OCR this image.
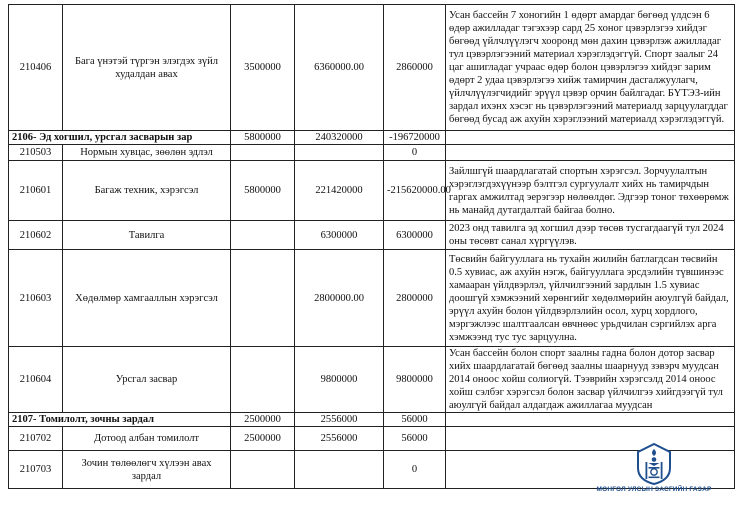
210406	Бага үнэтэй түргэн элэгдэх зүйл худалдан авах	3500000	6360000.00	2860000	Усан бассейн 7 хоногийн 1 өдөрт амардаг бөгөөд үлдсэн 6 өдөр ажилладаг тэгэхээр сард 25 хоног цэвэрлэгээ хийдэг бөгөөд үйлчлүүлэгч хооронд мөн дахин цэвэрлэж ажилладаг тул цэвэрлэгээний материал хэрэглэдэггүй. Спорт заалыг 24 цаг ашигладаг учраас өдөр болон цэвэрлэгээ хийдэг зарим өдөрт 2 удаа цэвэрлэгээ хийж тамирчин дасгалжуулагч, үйлчлүүлэгчидийг эрүүл цэвэр орчин байлгадаг. БҮТЭЗ-ийн зардал ихэнх хэсэг нь цэвэрлэгээний материалд зарцуулагддаг бөгөөд бусад аж ахуйн хэрэглээний материалд хэрэглэдэггүй.
2106- Эд хогшил, урсгал засварын зар		5800000	240320000	-196720000	
210503	Нормын хувцас, зөөлөн эдлэл			0	
210601	Багаж техник, хэрэгсэл	5800000	221420000	-215620000.00	Зайлшгүй шаардлагатай спортын хэрэгсэл. Зорчуулалтын хэрэглэгдэхүүнээр бэлтгэл сургуулалт хийх нь тамирчдын гаргах амжилтад эерэгээр нөлөөлдөг. Эдгээр тоног төхөөрөмж нь манайд дутагдалтай байгаа болно.
210602	Тавилга		6300000	6300000	2023 онд тавилга эд хогшил дээр төсөв тусгагдаагүй тул 2024 оны төсөвт санал хүргүүлэв.
210603	Хөдөлмөр хамгааллын хэрэгсэл		2800000.00	2800000	Төсвийн байгууллага нь тухайн жилийн батлагдсан төсвийн 0.5 хувиас, аж ахуйн нэгж, байгууллага эрсдэлийн түвшинээс хамааран үйлдвэрлэл, үйлчилгээний зардлын 1.5 хувиас доошгүй хэмжээний хөрөнгийг хөдөлмөрийн аюулгүй байдал, эрүүл ахуйн болон үйлдвэрлэлийн осол, хурц хордлого, мэргэжлээс шалтгаалсан өвчнөөс урьдчилан сэргийлэх арга хэмжээнд тус тус зарцуулна.
210604	Урсгал засвар		9800000	9800000	Усан бассейн болон спорт заалны гадна болон дотор засвар хийх шаардлагатай бөгөөд заалны шаарнууд зэвэрч муудсан 2014 оноос хойш солиогүй. Тээврийн хэрэгсэлд 2014 оноос хойш сэлбэг хэрэгсэл болон засвар үйлчилгээ хийгдээгүй тул аюулгүй байдал алдагдаж ажиллагаа муудсан
2107- Томилолт, зочны зардал		2500000	2556000	56000	
210702	Дотоод албан томилолт	2500000	2556000	56000	
210703	Зочин төлөөлөгч хүлээн авах зардал			0	
МОНГОЛ УЛСЫН ЗАСГИЙН ГАЗАР
